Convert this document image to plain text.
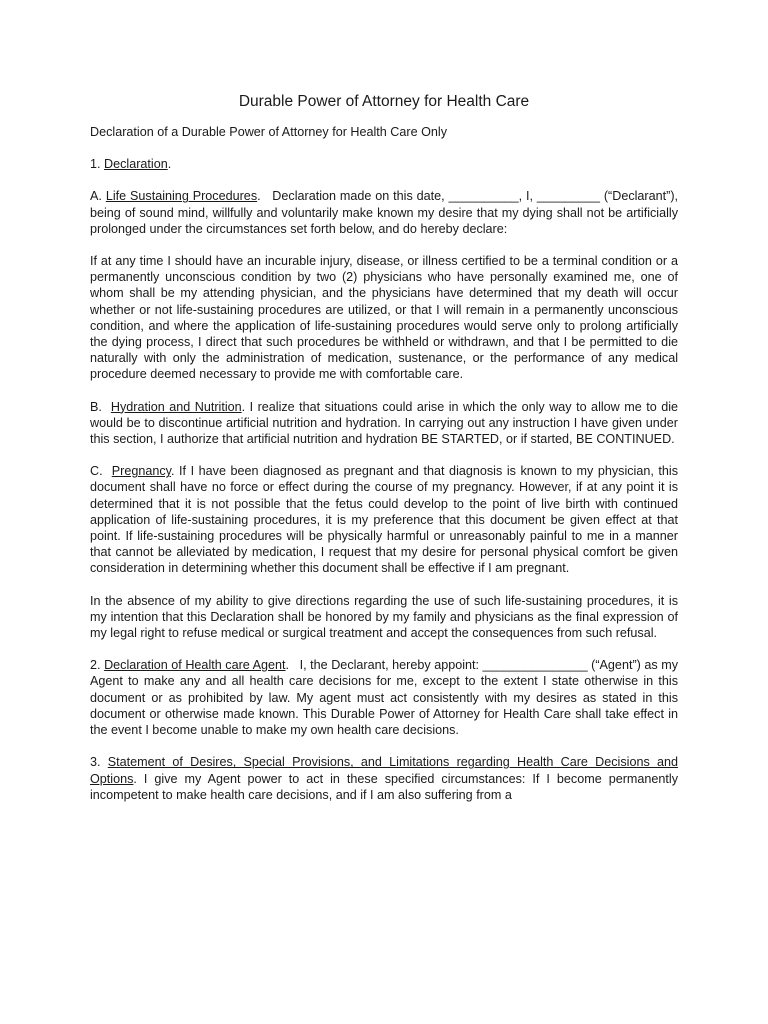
Durable Power of Attorney for Health Care

Declaration of a Durable Power of Attorney for Health Care Only

1. Declaration.

A. Life Sustaining Procedures.   Declaration made on this date, __________, I, _________ (“Declarant”), being of sound mind, willfully and voluntarily make known my desire that my dying shall not be artificially prolonged under the circumstances set forth below, and do hereby declare:

If at any time I should have an incurable injury, disease, or illness certified to be a terminal condition or a permanently unconscious condition by two (2) physicians who have personally examined me, one of whom shall be my attending physician, and the physicians have determined that my death will occur whether or not life-sustaining procedures are utilized, or that I will remain in a permanently unconscious condition, and where the application of life-sustaining procedures would serve only to prolong artificially the dying process, I direct that such procedures be withheld or withdrawn, and that I be permitted to die naturally with only the administration of medication, sustenance, or the performance of any medical procedure deemed necessary to provide me with comfortable care.

B. Hydration and Nutrition. I realize that situations could arise in which the only way to allow me to die would be to discontinue artificial nutrition and hydration. In carrying out any instruction I have given under this section, I authorize that artificial nutrition and hydration BE STARTED, or if started, BE CONTINUED.

C. Pregnancy. If I have been diagnosed as pregnant and that diagnosis is known to my physician, this document shall have no force or effect during the course of my pregnancy. However, if at any point it is determined that it is not possible that the fetus could develop to the point of live birth with continued application of life-sustaining procedures, it is my preference that this document be given effect at that point. If life-sustaining procedures will be physically harmful or unreasonably painful to me in a manner that cannot be alleviated by medication, I request that my desire for personal physical comfort be given consideration in determining whether this document shall be effective if I am pregnant.

In the absence of my ability to give directions regarding the use of such life-sustaining procedures, it is my intention that this Declaration shall be honored by my family and physicians as the final expression of my legal right to refuse medical or surgical treatment and accept the consequences from such refusal.

2. Declaration of Health care Agent.   I, the Declarant, hereby appoint: _______________ (“Agent”) as my Agent to make any and all health care decisions for me, except to the extent I state otherwise in this document or as prohibited by law. My agent must act consistently with my desires as stated in this document or otherwise made known. This Durable Power of Attorney for Health Care shall take effect in the event I become unable to make my own health care decisions.

3. Statement of Desires, Special Provisions, and Limitations regarding Health Care Decisions and Options. I give my Agent power to act in these specified circumstances: If I become permanently incompetent to make health care decisions, and if I am also suffering from a
